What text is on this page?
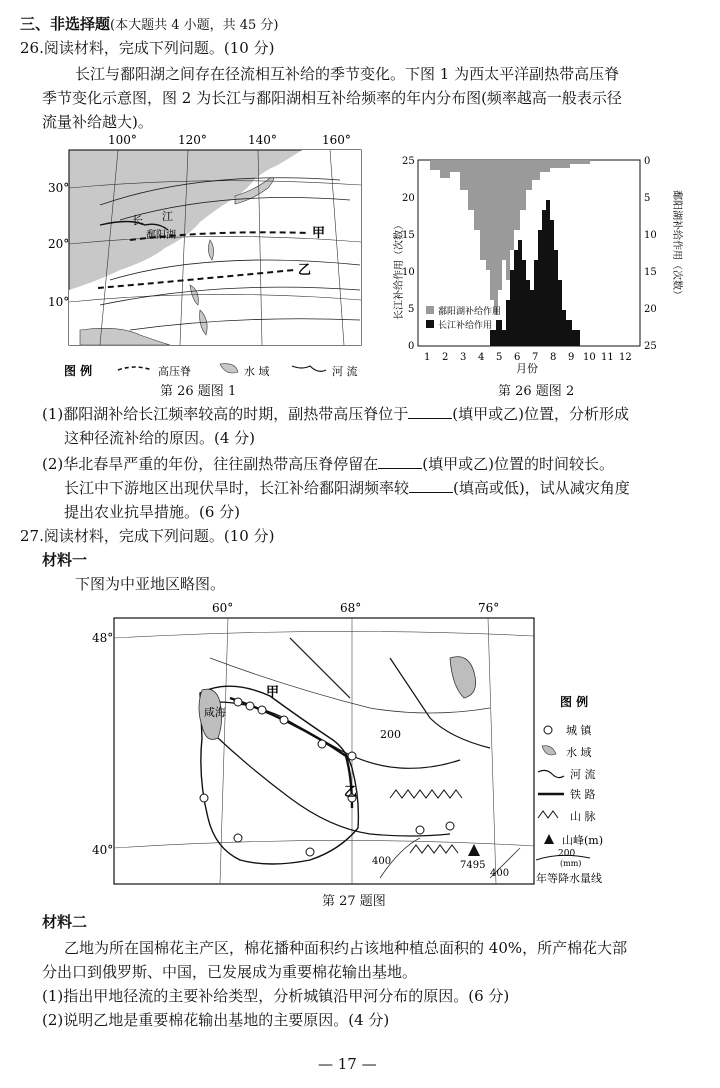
三、非选择题(本大题共 4 小题，共 45 分)
26.阅读材料，完成下列问题。(10 分)
长江与鄱阳湖之间存在径流相互补给的季节变化。下图 1 为西太平洋副热带高压脊
季节变化示意图，图 2 为长江与鄱阳湖相互补给频率的年内分布图(频率越高一般表示径
流量补给越大)。
100°	120°	140°	160°
30°
20°
10°
长 江
鄱阳湖	甲
乙
图 例	高压脊	水 域	河 流
第 26 题图 1
25
20
15
10
5
0
0
5
10
15
20
25
1 2 3 4 5 6 7 8 9 10 11 12
月份
长江补给作用（次数）	鄱阳湖补给作用（次数）
鄱阳湖补给作用
长江补给作用
第 26 题图 2
(1)鄱阳湖补给长江频率较高的时期，副热带高压脊位于	(填甲或乙)位置，分析形成
这种径流补给的原因。(4 分)
(2)华北春旱严重的年份，往往副热带高压脊停留在	(填甲或乙)位置的时间较长。
长江中下游地区出现伏旱时，长江补给鄱阳湖频率较	(填高或低)，试从减灾角度
提出农业抗旱措施。(6 分)
27.阅读材料，完成下列问题。(10 分)
材料一
下图为中亚地区略图。
60°	68°	76°
48°
40°
咸海
7495
200
400
400
甲
乙
图 例
城 镇
水 域
河 流
铁 路
山 脉
山峰(m)
200
(mm)
年等降水量线
第 27 题图
材料二
乙地为所在国棉花主产区，棉花播种面积约占该地种植总面积的 40%，所产棉花大部
分出口到俄罗斯、中国，已发展成为重要棉花输出基地。
(1)指出甲地径流的主要补给类型，分析城镇沿甲河分布的原因。(6 分)
(2)说明乙地是重要棉花输出基地的主要原因。(4 分)
— 17 —
